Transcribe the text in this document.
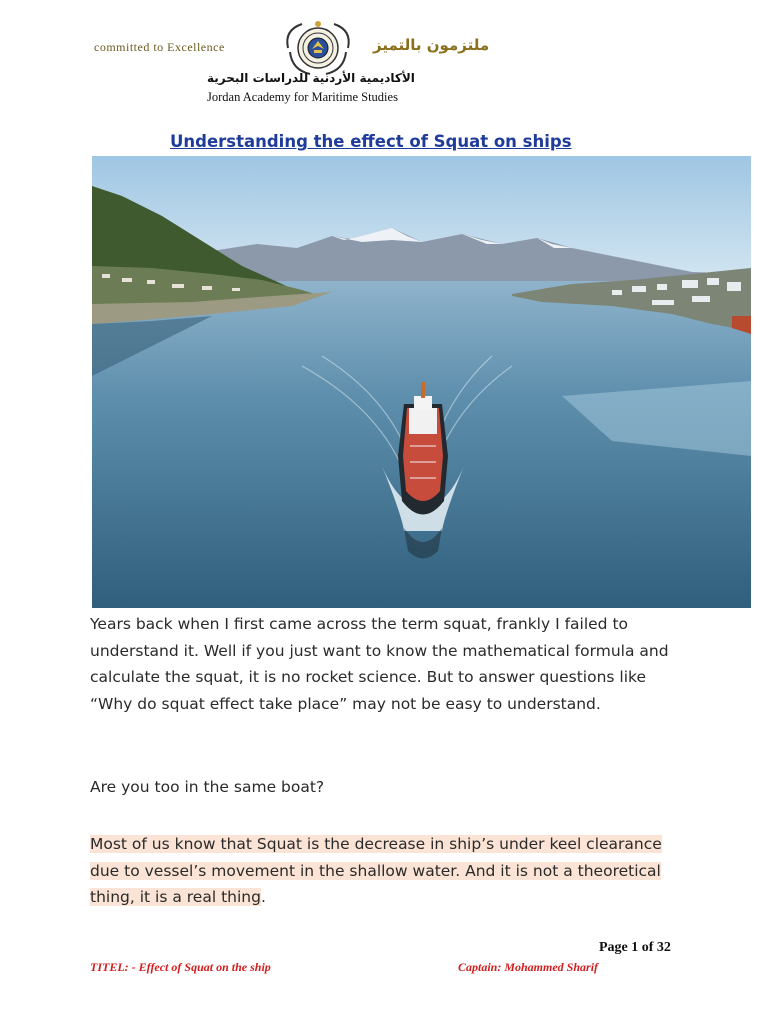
committed to Excellence	ملتزمون بالتميز
الأكاديمية الأردنية للدراسات البحرية
Jordan Academy for Maritime Studies
Understanding the effect of Squat on ships

Years back when I first came across the term squat, frankly I failed to understand it. Well if you just want to know the mathematical formula and calculate the squat, it is no rocket science. But to answer questions like “Why do squat effect take place” may not be easy to understand.

Are you too in the same boat?

Most of us know that Squat is the decrease in ship’s under keel clearance due to vessel’s movement in the shallow water. And it is not a theoretical thing, it is a real thing.

Page 1 of 32
TITEL: - Effect of Squat on the ship	Captain: Mohammed Sharif
